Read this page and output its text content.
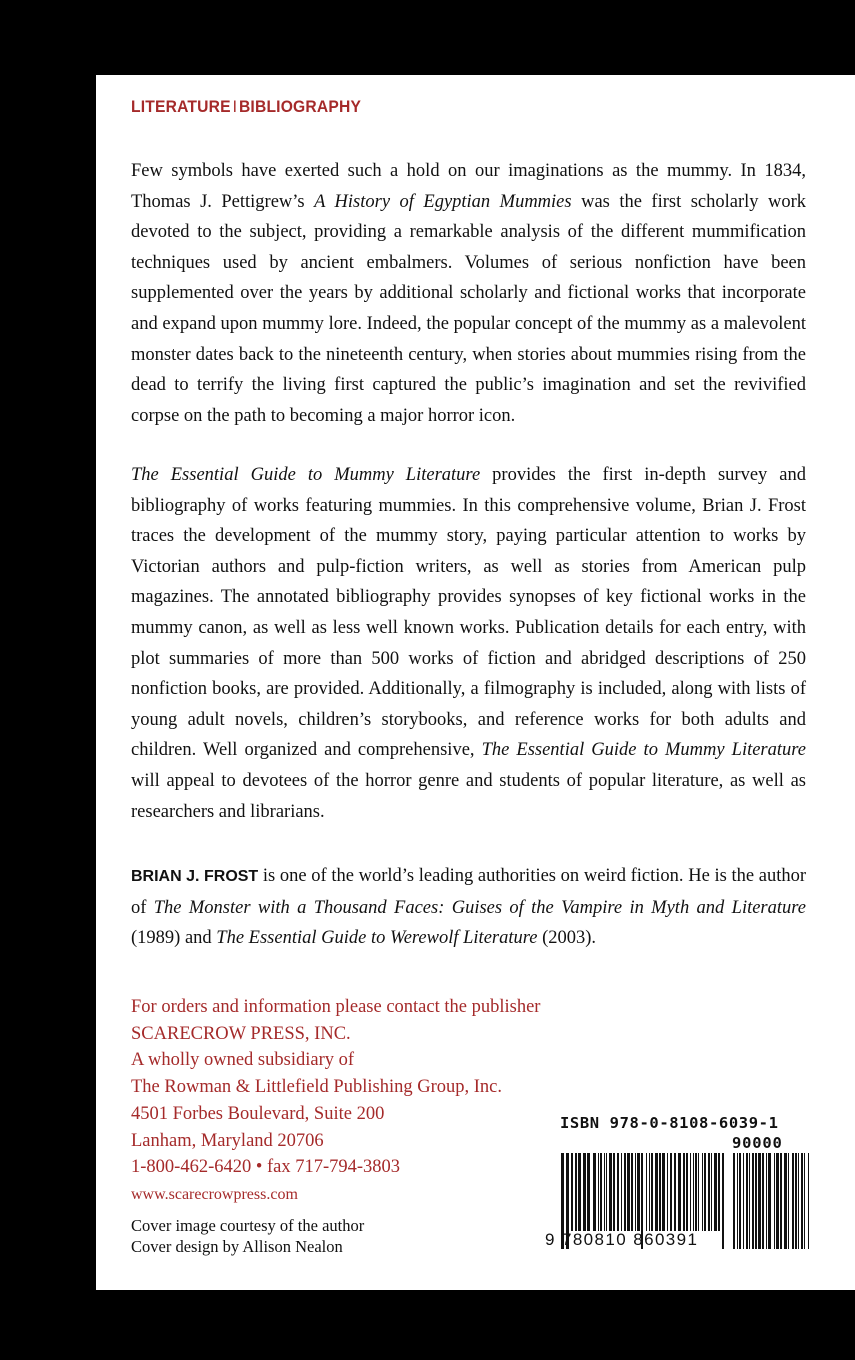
LITERATURE I BIBLIOGRAPHY

Few symbols have exerted such a hold on our imaginations as the mummy. In 1834, Thomas J. Pettigrew’s A History of Egyptian Mummies was the first scholarly work devoted to the subject, providing a remarkable analysis of the different mummification techniques used by ancient embalmers. Volumes of serious nonfiction have been supplemented over the years by additional scholarly and fictional works that incorporate and expand upon mummy lore. Indeed, the popular concept of the mummy as a malevolent monster dates back to the nineteenth century, when stories about mummies rising from the dead to terrify the living first captured the public’s imagination and set the revivified corpse on the path to becoming a major horror icon.

The Essential Guide to Mummy Literature provides the first in-depth survey and bibliography of works featuring mummies. In this comprehensive volume, Brian J. Frost traces the development of the mummy story, paying particular attention to works by Victorian authors and pulp-fiction writers, as well as stories from American pulp magazines. The annotated bibliography provides synopses of key fictional works in the mummy canon, as well as less well known works. Publication details for each entry, with plot summaries of more than 500 works of fiction and abridged descriptions of 250 nonfiction books, are provided. Additionally, a filmography is included, along with lists of young adult novels, children’s storybooks, and reference works for both adults and children. Well organized and comprehensive, The Essential Guide to Mummy Literature will appeal to devotees of the horror genre and students of popular literature, as well as researchers and librarians.

BRIAN J. FROST is one of the world’s leading authorities on weird fiction. He is the author of The Monster with a Thousand Faces: Guises of the Vampire in Myth and Literature (1989) and The Essential Guide to Werewolf Literature (2003).

For orders and information please contact the publisher
SCARECROW PRESS, INC.
A wholly owned subsidiary of
The Rowman & Littlefield Publishing Group, Inc.
4501 Forbes Boulevard, Suite 200
Lanham, Maryland 20706
1-800-462-6420 • fax 717-794-3803
www.scarecrowpress.com
Cover image courtesy of the author
Cover design by Allison Nealon
ISBN 978-0-8108-6039-1
90000
9 780810 860391
